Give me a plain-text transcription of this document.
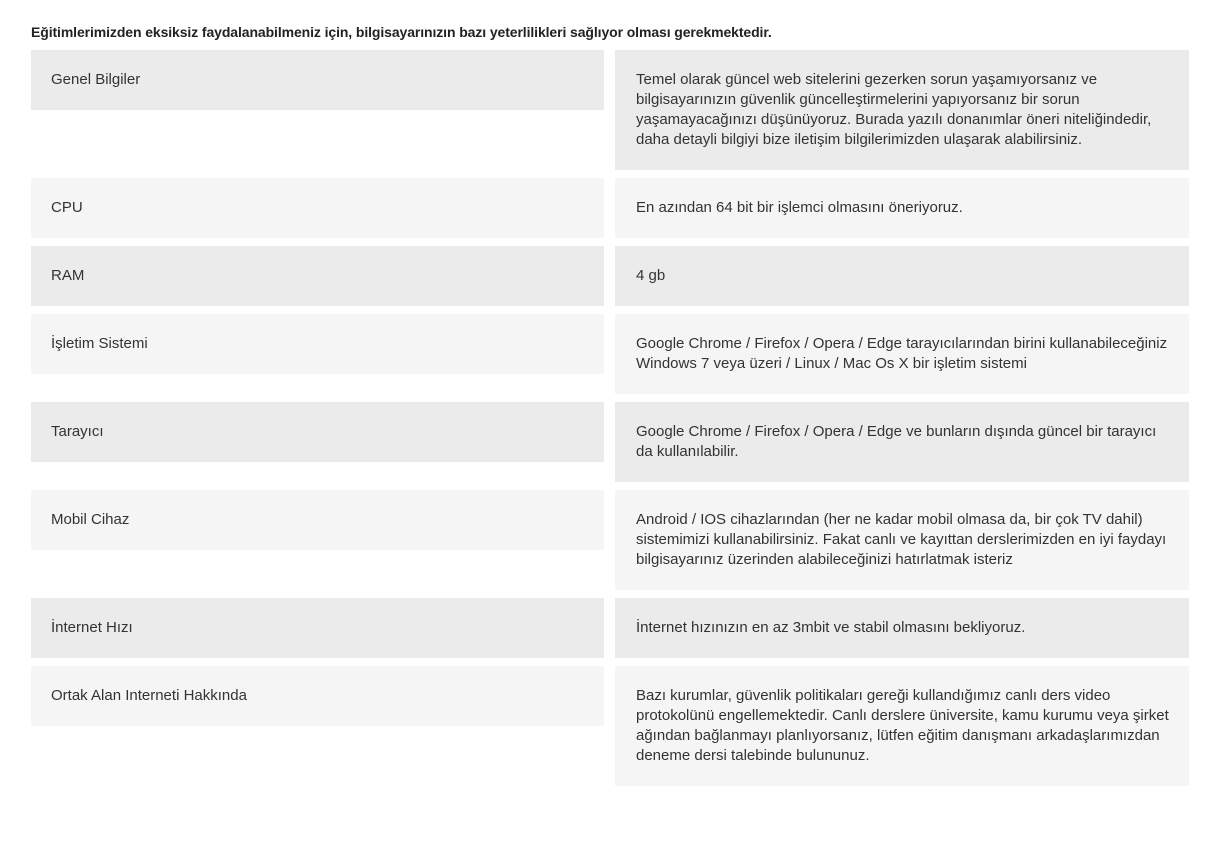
Eğitimlerimizden eksiksiz faydalanabilmeniz için, bilgisayarınızın bazı yeterlilikleri sağlıyor olması gerekmektedir.

Genel Bilgiler	Temel olarak güncel web sitelerini gezerken sorun yaşamıyorsanız ve bilgisayarınızın güvenlik güncelleştirmelerini yapıyorsanız bir sorun yaşamayacağınızı düşünüyoruz. Burada yazılı donanımlar öneri niteliğindedir, daha detayli bilgiyi bize iletişim bilgilerimizden ulaşarak alabilirsiniz.
CPU	En azından 64 bit bir işlemci olmasını öneriyoruz.
RAM	4 gb
İşletim Sistemi	Google Chrome / Firefox / Opera / Edge tarayıcılarından birini kullanabileceğiniz Windows 7 veya üzeri / Linux / Mac Os X bir işletim sistemi
Tarayıcı	Google Chrome / Firefox / Opera / Edge ve bunların dışında güncel bir tarayıcı da kullanılabilir.
Mobil Cihaz	Android / IOS cihazlarından (her ne kadar mobil olmasa da, bir çok TV dahil) sistemimizi kullanabilirsiniz. Fakat canlı ve kayıttan derslerimizden en iyi faydayı bilgisayarınız üzerinden alabileceğinizi hatırlatmak isteriz
İnternet Hızı	İnternet hızınızın en az 3mbit ve stabil olmasını bekliyoruz.
Ortak Alan Interneti Hakkında	Bazı kurumlar, güvenlik politikaları gereği kullandığımız canlı ders video protokolünü engellemektedir. Canlı derslere üniversite, kamu kurumu veya şirket ağından bağlanmayı planlıyorsanız, lütfen eğitim danışmanı arkadaşlarımızdan deneme dersi talebinde bulununuz.
